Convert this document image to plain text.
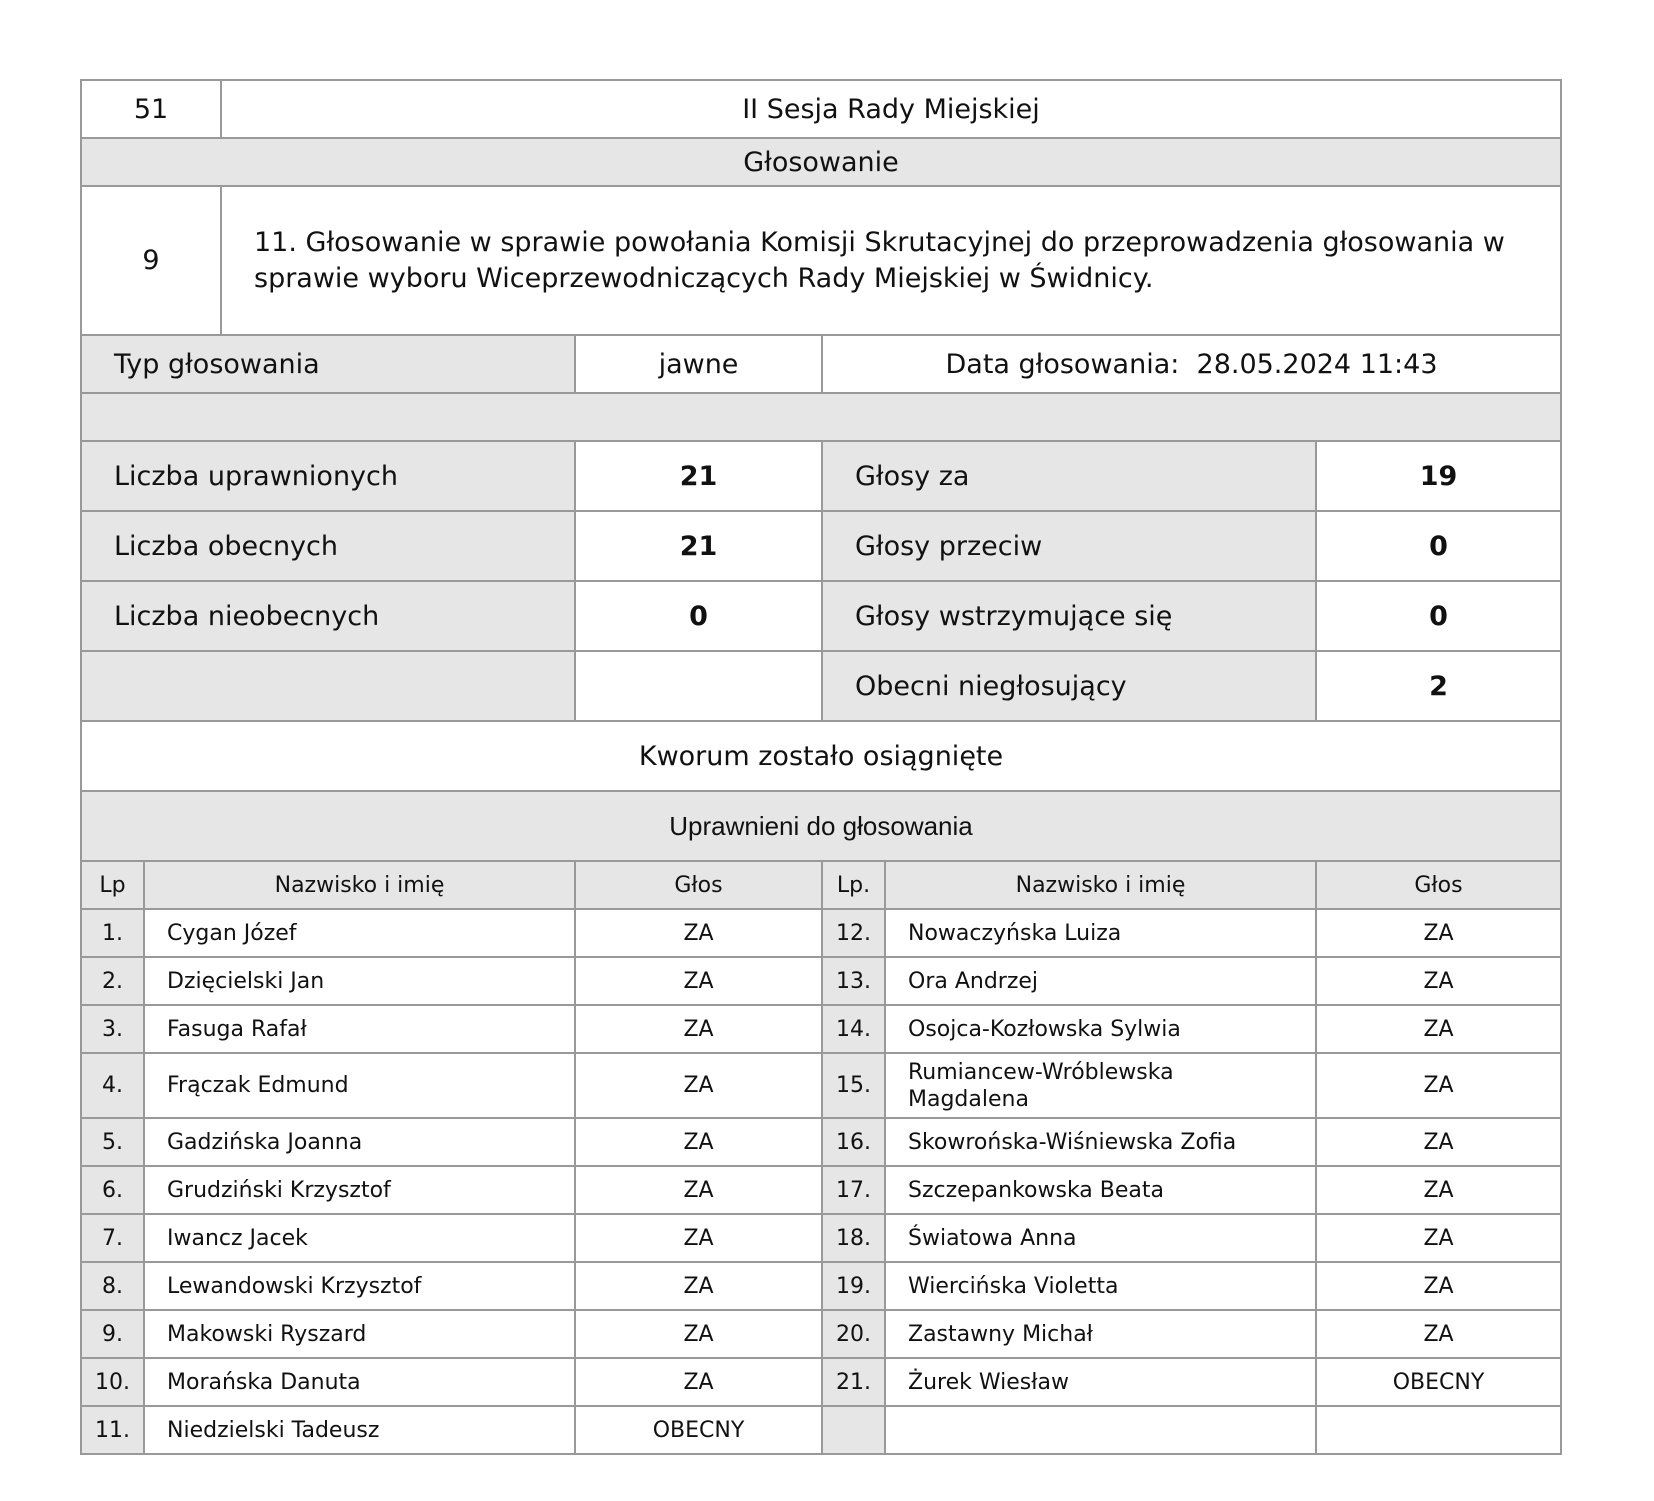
51	II Sesja Rady Miejskiej
Głosowanie	
9	11. Głosowanie w sprawie powołania Komisji Skrutacyjnej do przeprowadzenia głosowania w sprawie wyboru Wiceprzewodniczących Rady Miejskiej w Świdnicy.
Typ głosowania	jawne	Data głosowania: 28.05.2024 11:43

Liczba uprawnionych	21	Głosy za	19
Liczba obecnych	21	Głosy przeciw	0
Liczba nieobecnych	0	Głosy wstrzymujące się	0
		Obecni niegłosujący	2
Kworum zostało osiągnięte			
Uprawnieni do głosowania			
Lp	Nazwisko i imię	Głos	Lp.	Nazwisko i imię	Głos
1.	Cygan Józef	ZA	12.	Nowaczyńska Luiza	ZA
2.	Dzięcielski Jan	ZA	13.	Ora Andrzej	ZA
3.	Fasuga Rafał	ZA	14.	Osojca-Kozłowska Sylwia	ZA
4.	Frączak Edmund	ZA	15.	Rumiancew-Wróblewska Magdalena	ZA
5.	Gadzińska Joanna	ZA	16.	Skowrońska-Wiśniewska Zofia	ZA
6.	Grudziński Krzysztof	ZA	17.	Szczepankowska Beata	ZA
7.	Iwancz Jacek	ZA	18.	Światowa Anna	ZA
8.	Lewandowski Krzysztof	ZA	19.	Wiercińska Violetta	ZA
9.	Makowski Ryszard	ZA	20.	Zastawny Michał	ZA
10.	Morańska Danuta	ZA	21.	Żurek Wiesław	OBECNY
11.	Niedzielski Tadeusz	OBECNY			
